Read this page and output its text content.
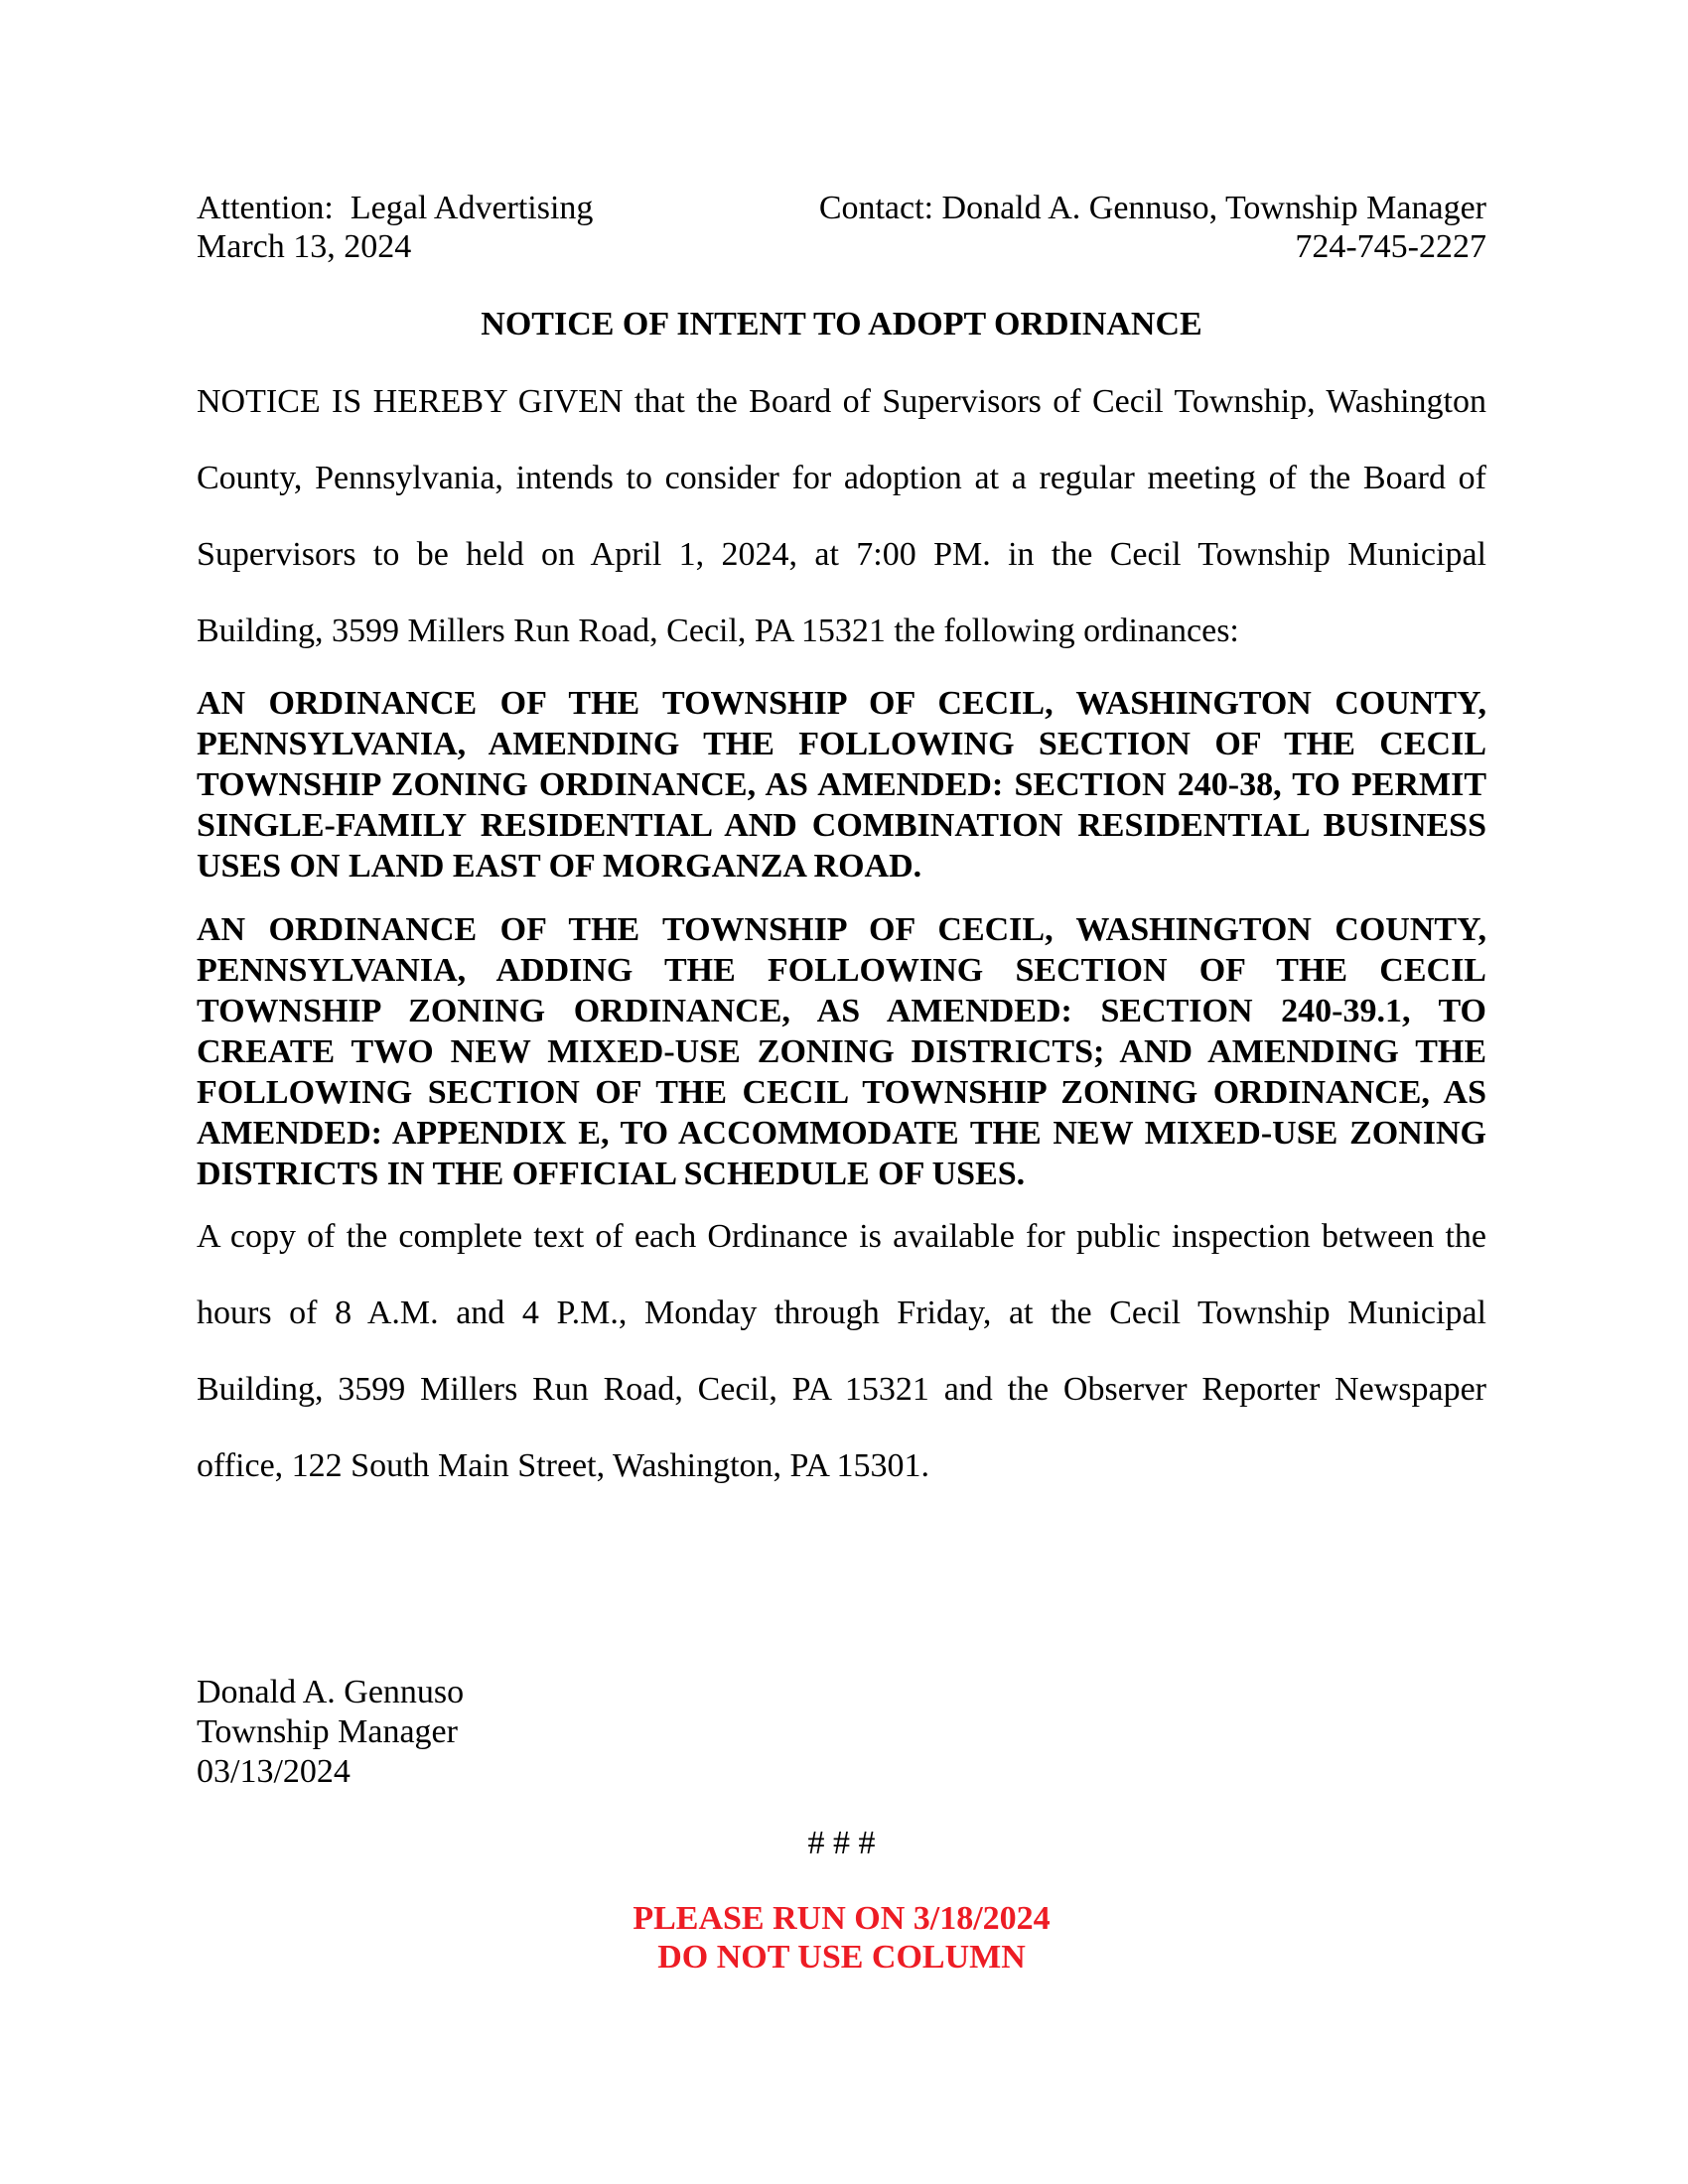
Attention:  Legal Advertising	Contact: Donald A. Gennuso, Township Manager
March 13, 2024	724-745-2227
NOTICE OF INTENT TO ADOPT ORDINANCE
NOTICE IS HEREBY GIVEN that the Board of Supervisors of Cecil Township, Washington County, Pennsylvania, intends to consider for adoption at a regular meeting of the Board of Supervisors to be held on April 1, 2024, at 7:00 PM. in the Cecil Township Municipal Building, 3599 Millers Run Road, Cecil, PA 15321 the following ordinances:
AN ORDINANCE OF THE TOWNSHIP OF CECIL, WASHINGTON COUNTY, PENNSYLVANIA, AMENDING THE FOLLOWING SECTION OF THE CECIL TOWNSHIP ZONING ORDINANCE, AS AMENDED: SECTION 240-38, TO PERMIT SINGLE-FAMILY RESIDENTIAL AND COMBINATION RESIDENTIAL BUSINESS USES ON LAND EAST OF MORGANZA ROAD.
AN ORDINANCE OF THE TOWNSHIP OF CECIL, WASHINGTON COUNTY, PENNSYLVANIA, ADDING THE FOLLOWING SECTION OF THE CECIL TOWNSHIP ZONING ORDINANCE, AS AMENDED: SECTION 240-39.1, TO CREATE TWO NEW MIXED-USE ZONING DISTRICTS; AND AMENDING THE FOLLOWING SECTION OF THE CECIL TOWNSHIP ZONING ORDINANCE, AS AMENDED: APPENDIX E, TO ACCOMMODATE THE NEW MIXED-USE ZONING DISTRICTS IN THE OFFICIAL SCHEDULE OF USES.
A copy of the complete text of each Ordinance is available for public inspection between the hours of 8 A.M. and 4 P.M., Monday through Friday, at the Cecil Township Municipal Building, 3599 Millers Run Road, Cecil, PA 15321 and the Observer Reporter Newspaper office, 122 South Main Street, Washington, PA 15301.
Donald A. Gennuso
Township Manager
03/13/2024
# # #
PLEASE RUN ON 3/18/2024
DO NOT USE COLUMN
